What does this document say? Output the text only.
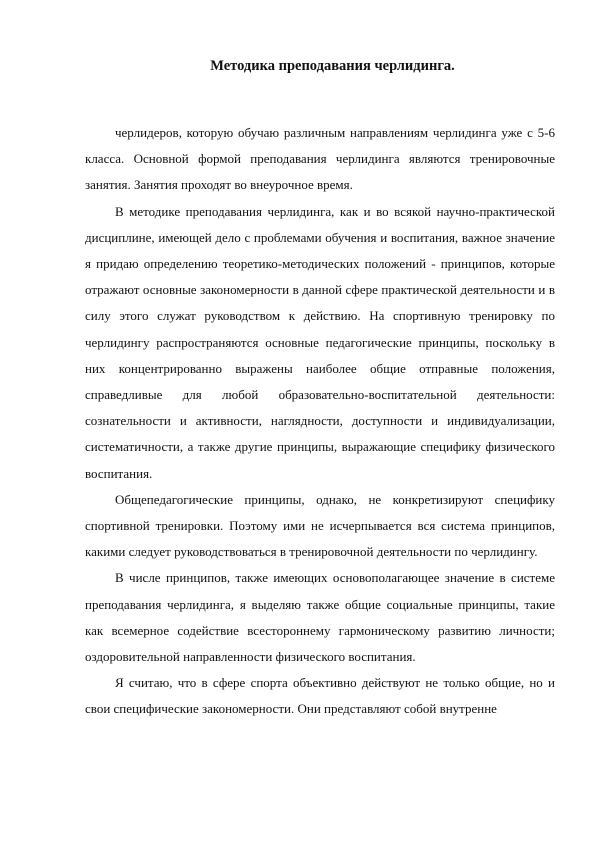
Методика преподавания черлидинга.

черлидеров, которую обучаю различным направлениям черлидинга уже с 5-6 класса. Основной формой преподавания черлидинга являются тренировочные занятия. Занятия проходят во внеурочное время.

В методике преподавания черлидинга, как и во всякой научно-практической дисциплине, имеющей дело с проблемами обучения и воспитания, важное значение я придаю определению теоретико-методических положений - принципов, которые отражают основные закономерности в данной сфере практической деятельности и в силу этого служат руководством к действию. На спортивную тренировку по черлидингу распространяются основные педагогические принципы, поскольку в них концентрированно выражены наиболее общие отправные положения, справедливые для любой образовательно-воспитательной деятельности: сознательности и активности, наглядности, доступности и индивидуализации, систематичности, а также другие принципы, выражающие специфику физического воспитания.

Общепедагогические принципы, однако, не конкретизируют специфику спортивной тренировки. Поэтому ими не исчерпывается вся система принципов, какими следует руководствоваться в тренировочной деятельности по черлидингу.

В числе принципов, также имеющих основополагающее значение в системе преподавания черлидинга, я выделяю также общие социальные принципы, такие как всемерное содействие всестороннему гармоническому развитию личности; оздоровительной направленности физического воспитания.

Я считаю, что в сфере спорта объективно действуют не только общие, но и свои специфические закономерности. Они представляют собой внутренне
